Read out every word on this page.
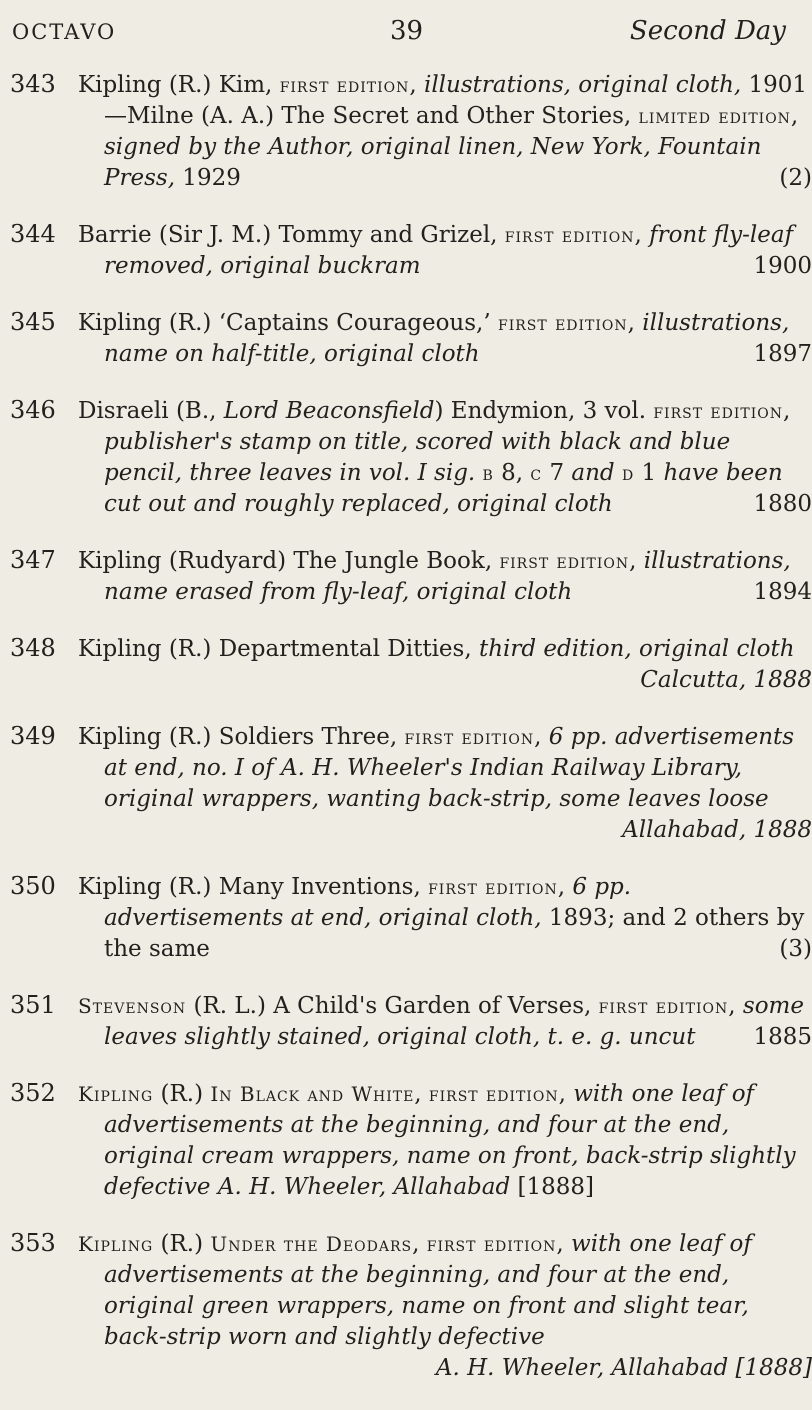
OCTAVO	39	Second Day
343 Kipling (R.) Kim, first edition, illustrations, original cloth, 1901—Milne (A. A.) The Secret and Other Stories, limited edition, signed by the Author, original linen, New York, Fountain Press, 1929	(2)
344 Barrie (Sir J. M.) Tommy and Grizel, first edition, front fly-leaf removed, original buckram	1900
345 Kipling (R.) ‘Captains Courageous,’ first edition, illustrations, name on half-title, original cloth	1897
346 Disraeli (B., Lord Beaconsfield) Endymion, 3 vol. first edition, publisher's stamp on title, scored with black and blue pencil, three leaves in vol. I sig. b 8, c 7 and d 1 have been cut out and roughly replaced, original cloth	1880
347 Kipling (Rudyard) The Jungle Book, first edition, illustrations, name erased from fly-leaf, original cloth	1894
348 Kipling (R.) Departmental Ditties, third edition, original cloth
Calcutta, 1888
349 Kipling (R.) Soldiers Three, first edition, 6 pp. advertisements at end, no. I of A. H. Wheeler's Indian Railway Library, original wrappers, wanting back-strip, some leaves loose
Allahabad, 1888
350 Kipling (R.) Many Inventions, first edition, 6 pp. advertisements at end, original cloth, 1893; and 2 others by the same	(3)
351 Stevenson (R. L.) A Child's Garden of Verses, first edition, some leaves slightly stained, original cloth, t. e. g. uncut	1885
352 Kipling (R.) In Black and White, first edition, with one leaf of advertisements at the beginning, and four at the end, original cream wrappers, name on front, back-strip slightly defective A. H. Wheeler, Allahabad [1888]
353 Kipling (R.) Under the Deodars, first edition, with one leaf of advertisements at the beginning, and four at the end, original green wrappers, name on front and slight tear, back-strip worn and slightly defective
A. H. Wheeler, Allahabad [1888]
